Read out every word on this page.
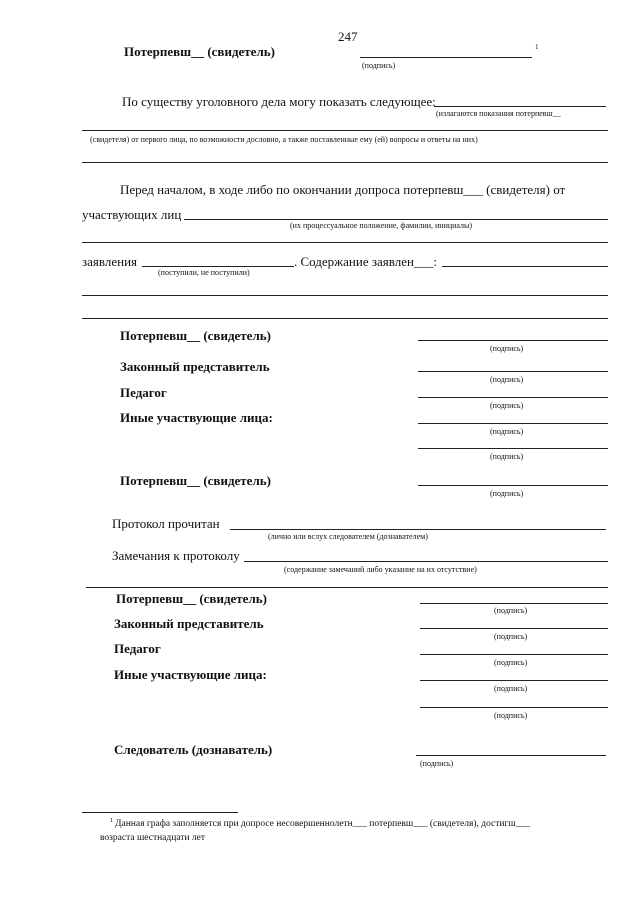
247
Потерпевш__ (свидетель)	1
(подпись)
По существу уголовного дела могу показать следующее:
(излагаются показания потерпевш__
(свидетеля) от первого лица, по возможности дословно, а также поставленные ему (ей) вопросы и ответы на них)
Перед началом, в ходе либо по окончании допроса потерпевш___ (свидетеля) от
участвующих лиц
(их процессуальное положение, фамилии, инициалы)
заявления	. Содержание заявлен___:
(поступили, не поступили)
Потерпевш__ (свидетель)
(подпись)
Законный представитель
(подпись)
Педагог
(подпись)
Иные участвующие лица:
(подпись)
(подпись)
Потерпевш__ (свидетель)
(подпись)
Протокол прочитан
(лично или вслух следователем (дознавателем)
Замечания к протоколу
(содержание замечаний либо указание на их отсутствие)
Потерпевш__ (свидетель)
(подпись)
Законный представитель
(подпись)
Педагог
(подпись)
Иные участвующие лица:
(подпись)
(подпись)
Следователь (дознаватель)
(подпись)
1 Данная графа заполняется при допросе несовершеннолетн___ потерпевш___ (свидетеля), достигш___
возраста шестнадцати лет
